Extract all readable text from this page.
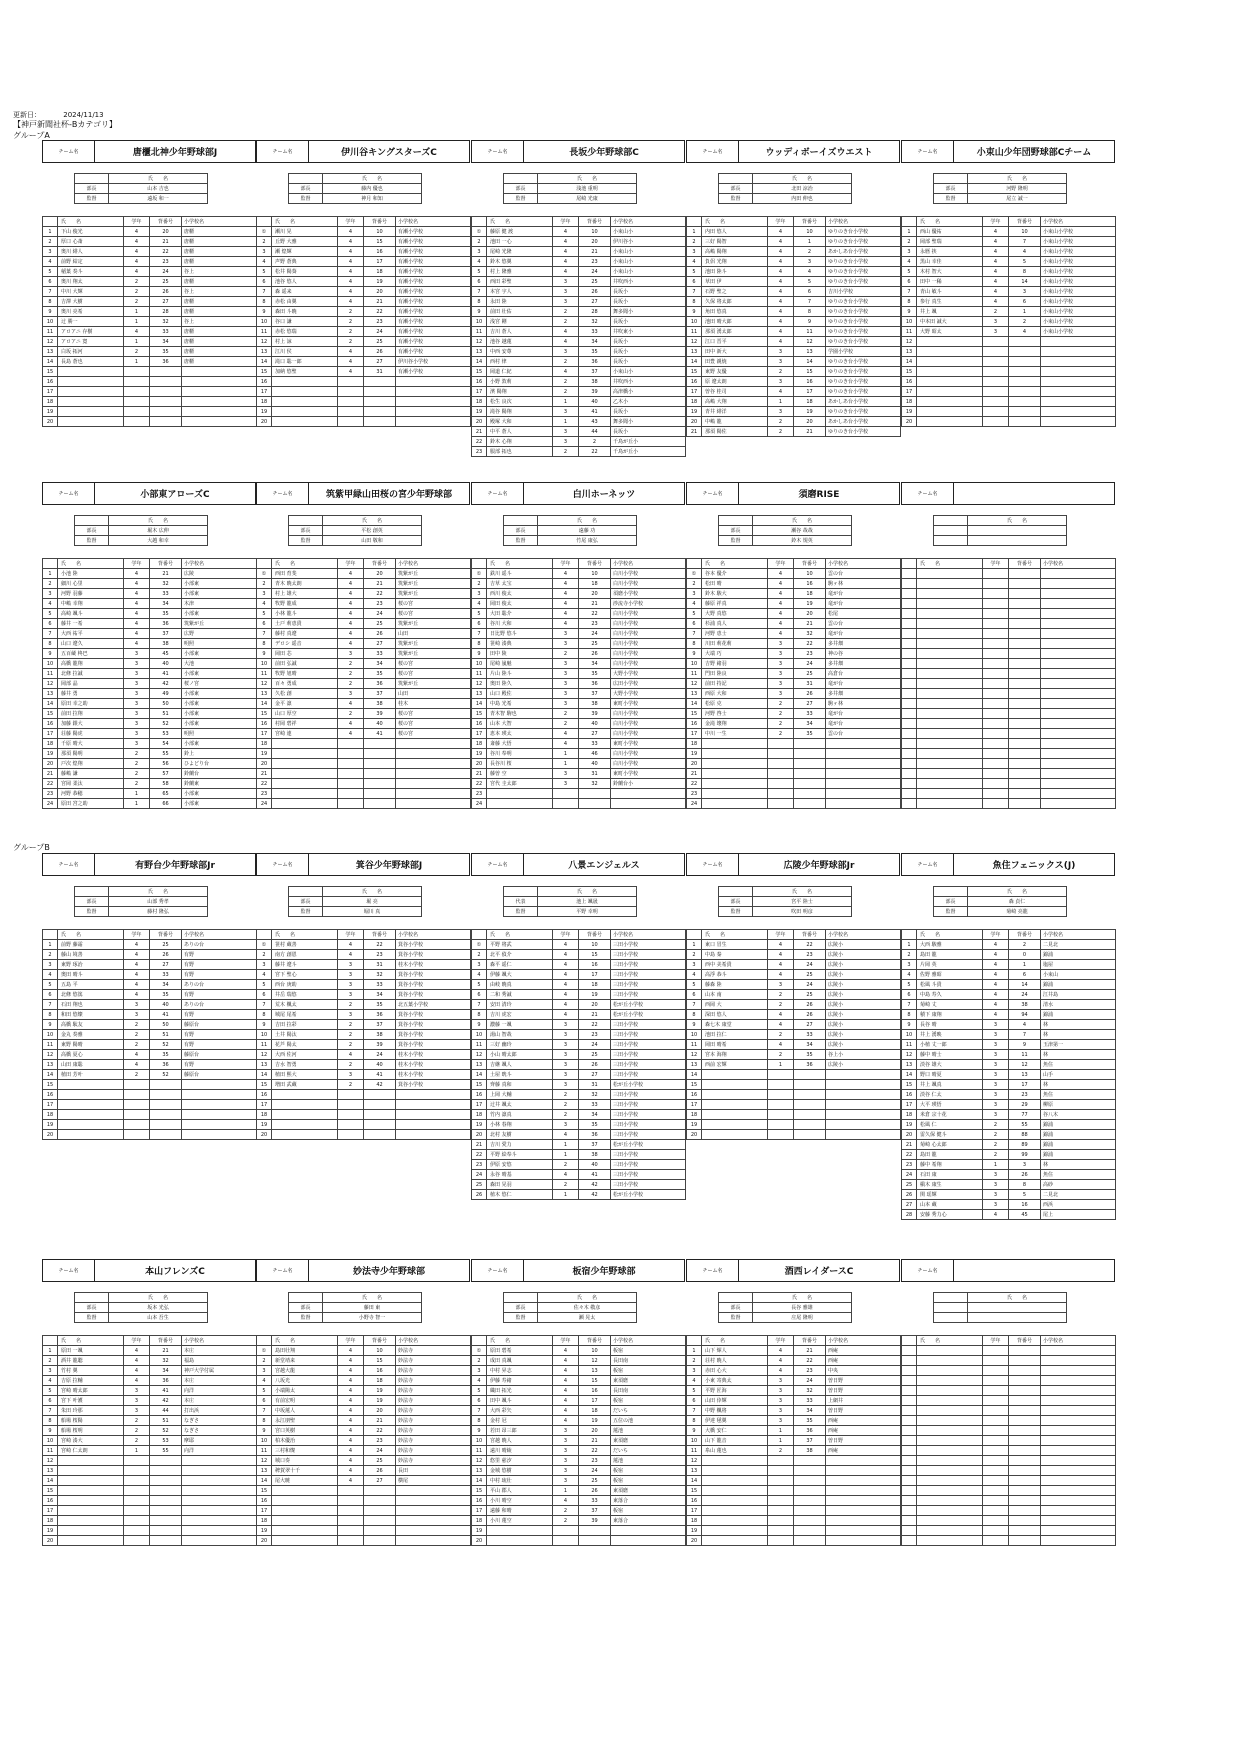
更新日：	2024/11/13
【神戸新聞社杯-Bカテゴリ】
グループA
チーム名	唐櫃北神少年野球部J
	氏　　名
部長	山本 吉也
監督	遠坂 和一
	氏　　名	学年	背番号	小学校名
1	下山 俊光	4	20	唐櫃
2	厚口 心斎	4	21	唐櫃
3	奥川 緋人	4	22	唐櫃
4	前野 結定	4	23	唐櫃
5	稲葉 奏斗	4	24	谷上
6	奥川 翔太	2	25	唐櫃
7	中川 大輝	2	26	谷上
8	吉澤 大樹	2	27	唐櫃
9	奥川 亮希	1	28	唐櫃
10	辻 勝一	1	32	谷上
11	アロアニ 存樹	4	33	唐櫃
12	アロアニ 寛	1	34	唐櫃
13	白坂 拓河	2	35	唐櫃
14	長島 蒼也	1	36	唐櫃
15				
16				
17				
18				
19				
20				
チーム名	伊川谷キングスターズC
	氏　　名
部長	藤内 優也
監督	神月 和知
	氏　　名	学年	背番号	小学校名
①	瀬川 晃	4	10	有瀬小学校
2	丘野 大雅	4	15	有瀬小学校
3	瀬 煌輝	4	16	有瀬小学校
4	声野 蒼典	4	17	有瀬小学校
5	松井 陽葵	4	18	有瀬小学校
6	池谷 悠人	4	19	有瀬小学校
7	森 遥来	4	20	有瀬小学校
8	赤松 由翼	4	21	有瀬小学校
9	森田 斗暁	2	22	有瀬小学校
10	谷口 謙	2	23	有瀬小学校
11	赤松 悠瑞	2	24	有瀬小学校
12	村上 諒	2	25	有瀬小学校
13	江川 侯	4	26	有瀬小学校
14	滝口 聡一郎	4	27	伊川谷小学校
15	加納 悠聖	4	31	有瀬小学校
16				
17				
18				
19				
20				
チーム名	長坂少年野球部C
	氏　　名
部長	浅池 重明
監督	尾崎 光康
	氏　　名	学年	背番号	小学校名
①	藤原 健 渡	4	10	小束山小
2	池田 一心	4	20	伊川谷小
3	尾崎 光隆	4	21	小束山小
4	鈴木 悠翼	4	23	小束山小
5	村上 隆雅	4	24	小束山小
6	西田 彩聖	3	25	井吹西小
7	本宮 宇人	3	26	長坂小
8	永田 陸	3	27	長坂小
9	前田 壮佑	2	28	舞多聞小
10	浅宮 剛	2	32	長坂小
11	吉川 蒼人	4	33	井吹東小
12	池谷 越蓮	4	34	長坂小
13	中西 安尊	3	35	長坂小
14	西村 律	2	36	長坂小
15	岡道 仁紀	4	37	小束山小
16	小野 敦莉	2	38	井吹西小
17	濱 陽翔	2	39	高津橋小
18	松生 良次	1	40	乙木小
19	滝谷 陽翔	3	41	長坂小
20	殿塚 大和	1	43	舞多聞小
21	中平 蒼人	3	44	長坂小
22	鈴木 心翔	3	2	千鳥が丘小
23	服部 拓也	2	22	千鳥が丘小
チーム名	ウッディボーイズウエスト
	氏　　名
部長	北田 涼治
監督	内田 伸也
	氏　　名	学年	背番号	小学校名
1	内田 悠人	4	10	ゆりのき台小学校
2	三好 陽智	4	1	ゆりのき台小学校
3	高嶋 陽翔	4	2	あかしあ台小学校
4	負侶 光翔	4	3	ゆりのき台小学校
5	池田 陸斗	4	4	ゆりのき台小学校
6	草田 伊	4	5	ゆりのき台小学校
7	石野 聖之	4	6	吉川小学校
8	久保 将太郎	4	7	ゆりのき台小学校
9	角田 悠真	4	8	ゆりのき台小学校
10	池田 晴大郎	4	9	ゆりのき台小学校
11	那須 湧太郎	4	11	ゆりのき台小学校
12	江口 晋平	4	12	ゆりのき台小学校
13	田中 新大	3	13	学園小学校
14	田豊 親焼	3	14	ゆりのき台小学校
15	東野 友優	2	15	ゆりのき台小学校
16	原 遼太朗	3	16	ゆりのき台小学校
17	曽谷 桂司	4	17	ゆりのき台小学校
18	高嶋 大翔	1	18	あかしあ台小学校
19	青井 緋洋	3	19	ゆりのき台小学校
20	中嶋 龍	2	20	あかしあ台小学校
21	那須 陽佐	2	21	ゆりのき台小学校
チーム名	小束山少年団野球部Cチーム
	氏　　名
部長	河野 隆明
監督	尾立 誠一
	氏　　名	学年	背番号	小学校名
1	西山 優祐	4	10	小束山小学校
2	岡部 聖瑞	4	7	小束山小学校
3	永暦 挟	4	4	小束山小学校
4	黒山 幸佳	4	5	小束山小学校
5	木村 智大	4	8	小束山小学校
6	田中 一稀	4	14	小束山小学校
7	青山 敏斗	4	3	小束山小学校
8	参行 真生	4	6	小束山小学校
9	井上 颯	2	1	小束山小学校
10	中本田 誠大	3	2	小束山小学校
11	大野 昭太	3	4	小束山小学校
12				
13				
14				
15				
16				
17				
18				
19				
20				
チーム名	小部東アローズC
	氏　　名
部長	堀木 広伸
監督	大越 和幸
	氏　　名	学年	背番号	小学校名
1	小池 陸	4	21	広陵
2	細川 心里	4	32	小部東
3	河野 羽藤	4	33	小部東
4	中嶋 幸翔	4	34	木津
5	高崎 颯斗	4	35	小部東
6	藤井 一希	4	36	筑紫が丘
7	大西 祐平	4	37	広野
8	山口 遼久	4	38	明照
9	五百蔵 柊巴	3	45	小部東
10	高橋 龍翔	3	40	大池
11	北條 拉誠	3	41	小部東
12	岡部 晶	3	42	桜ノ宮
13	藤井 勇	3	49	小部東
14	原田 幸之助	3	50	小部東
15	前田 拉翔	3	51	小部東
16	加藤 銀大	3	52	小部東
17	荘藤 陽虎	3	53	明照
18	千原 晴大	3	54	小部東
19	那須 陽明	2	55	鈴上
20	戸次 煌翔	2	56	ひよどり台
21	藤嶋 謙	2	57	鈴蘭台
22	宮岡 柔汰	2	58	鈴蘭東
23	河野 恭穂	1	65	小部東
24	原田 宮之助	1	66	小部東
チーム名	筑紫甲緑山田桜の宮少年野球部
	氏　　名
部長	平松 創英
監督	山田 敬和
	氏　　名	学年	背番号	小学校名
①	西田 育斐	4	20	筑紫が丘
2	青木 暁太朗	4	21	筑紫が丘
3	村上 雄大	4	22	筑紫が丘
4	牧野 龍成	4	23	桜の宮
5	小林 龍斗	4	24	桜の宮
6	土戸 莉恵貴	4	25	筑紫が丘
7	藤村 真遼	4	26	山田
8	デロシ 遥音	4	27	筑紫が丘
9	岡田 芯	3	33	筑紫が丘
10	前田 弘誠	2	34	桜の宮
11	牧野 旭晴	2	35	桜の宮
12	百々 勇成	2	36	筑紫が丘
13	久松 創	3	37	山田
14	金平 凛	4	38	桂木
15	山口 厚空	2	39	桜の宮
16	村岡 碧祥	4	40	桜の宮
17	宮崎 連	4	41	桜の宮
18				
19				
20				
21				
22				
23				
24				
チーム名	白川ホーネッツ
	氏　　名
部長	遠藤 功
監督	竹尾 康弘
	氏　　名	学年	背番号	小学校名
①	鉄川 遥斗	4	10	白川小学校
2	吉草 太宝	4	18	白川小学校
3	西川 俊太	4	20	須磨小学校
4	岡田 俊太	4	21	渉流寺小学校
5	大田 聡介	4	22	白川小学校
6	谷川 大和	4	23	白川小学校
7	日比野 悠斗	3	24	白川小学校
8	笹崎 湊典	3	25	白川小学校
9	田中 陵	2	26	白川小学校
10	尾崎 嵐魁	3	34	白川小学校
11	片山 陸斗	3	35	大野小学校
12	奥田 陸久	3	36	広田小学校
13	山口 殿佐	3	37	大野小学校
14	中島 光希	3	38	東町小学校
15	青木智 駒也	2	39	白川小学校
16	山本 大智	2	40	白川小学校
17	恵本 瑛太	4	27	白川小学校
18	斎藤 大悟	4	33	東町小学校
19	谷川 奉明	1	46	白川小学校
20	長谷川 桜	1	40	白川小学校
21	藤曽 空	3	31	東町小学校
22	宮代 圭太郎	3	32	鈴蘭台小
23				
24				
チーム名	須磨RISE
	氏　　名
部長	瀬谷 哉哉
監督	鈴木 規英
	氏　　名	学年	背番号	小学校名
①	谷本 優介	4	10	雲の台
2	松田 晴	4	16	駒ヶ林
3	鈴木 駿大	4	18	竜が台
4	藤原 祥真	4	19	竜が台
5	大野 真悠	4	20	松尾
6	杉浦 真人	4	21	雲の台
7	河野 恵士	4	32	竜が台
8	川田 莉花莉	3	22	多井畑
9	大端 巧	3	23	神の谷
10	吉野 緒羽	3	24	多井畑
11	門田 陸良	3	25	高倉台
12	前田 持記	3	31	竜が台
13	西原 大和	3	26	多井畑
14	松原 克	2	27	駒ヶ林
15	河野 啓士	2	33	竜が台
16	金滝 壊翔	2	34	竜が台
17	中川 一生	2	35	雲の台
18				
19				
20				
21				
22				
23				
24				
チーム名
	氏　　名

	氏　　名	学年	背番号	小学校名

グループB
チーム名	有野台少年野球部Jr
	氏　　名
部長	山部 秀孝
監督	藤村 隆弘
	氏　　名	学年	背番号	小学校名
1	前野 藤霜	4	25	ありの台
2	藤山 境善	4	26	有野
3	東野 琢治	4	27	有野
4	奥田 晴斗	4	33	有野
5	五島 平	4	34	ありの台
6	北條 悠篤	4	35	有野
7	石田 翔也	3	40	ありの台
8	和田 悠燦	3	41	有野
9	高橋 駄友	2	50	藤原台
10	金丸 奏雅	2	51	有野
11	東野 陽晴	2	52	有野
12	高橋 夏心	4	35	藤原台
13	山田 康聡	4	36	有野
14	植田 芳叶	2	52	藤原台
15				
16				
17				
18				
19				
20				
チーム名	箕谷少年野球部J
	氏　　名
部長	堀 亮
監督	堀川 真
	氏　　名	学年	背番号	小学校名
①	笹村 蔵善	4	22	箕谷小学校
2	南方 創恩	4	23	箕谷小学校
3	藤井 遼斗	3	31	桂木小学校
4	宮下 聖心	3	32	箕谷小学校
5	西台 庚助	3	33	箕谷小学校
6	井岳 瑞悠	3	34	箕谷小学校
7	荒木 楓太	2	35	北五葉小学校
8	城尾 尾希	3	36	箕谷小学校
9	吉田 拉彩	2	37	箕谷小学校
10	土井 陽汰	2	38	箕谷小学校
11	花芦 陽太	2	39	箕谷小学校
12	大西 佐河	4	24	桂木小学校
13	吉水 智勇	2	40	桂木小学校
14	植田 煕大	3	41	桂木小学校
15	増田 武蔵	2	42	箕谷小学校
16				
17				
18				
19				
20				
チーム名	八景エンジェルス
	氏　　名
代表	池上 颯晟
監督	平野 幸明
	氏　　名	学年	背番号	小学校名
①	平野 将武	4	10	三田小学校
2	北平 偵介	4	15	三田小学校
3	森平 遥仁	4	16	三田小学校
4	伊藤 颯大	4	17	三田小学校
5	由岐 暁真	4	18	三田小学校
6	二和 秀誠	4	19	三田小学校
7	安田 清玲	4	20	松が丘小学校
8	吉川 虎宏	4	21	松が丘小学校
9	濃藤 一颯	3	22	三田小学校
10	湯山 智哉	3	23	三田小学校
11	三好 幽玲	3	24	三田小学校
12	小山 晴太郎	3	25	三田小学校
13	吉継 颯人	3	26	三田小学校
14	土屋 晄斗	3	27	三田小学校
15	齊藤 真和	3	31	松が丘小学校
16	上岡 大輔	2	32	三田小学校
17	辻井 颯太	2	33	三田小学校
18	竹内 凛真	2	34	三田小学校
19	小林 春翔	3	35	三田小学校
20	北村 友樹	4	36	三田小学校
21	吉川 愛力	1	37	松が丘小学校
22	平野 絵奉斗	1	38	三田小学校
23	伊原 安悠	2	40	三田小学校
24	永谷 晴基	4	41	三田小学校
25	森田 晃羽	2	42	三田小学校
26	植木 悠仁	1	42	松が丘小学校
チーム名	広陵少年野球部Jr
	氏　　名
部長	宮平 陸士
監督	吹田 明彦
	氏　　名	学年	背番号	小学校名
1	東口 冒生	4	22	広陵小
2	中島 秦	4	23	広陵小
3	西中 美希貴	4	24	広陵小
4	高浮 恭斗	4	25	広陵小
5	藤森 陸	3	24	広陵小
6	山本 南	2	25	広陵小
7	西岡 大	2	26	広陵小
8	深田 悠人	4	26	広陵小
9	森七木 康堂	4	27	広陵小
10	池田 拉仁	2	33	広陵小
11	岡田 晴希	4	34	広陵小
12	宮本 海翔	2	35	谷上小
13	西前 宏輝	1	36	広陵小
14				
15				
16				
17				
18				
19				
20				
チーム名	魚住フェニックス(J)
	氏　　名
部長	森 貞仁
監督	菊崎 亮龍
	氏　　名	学年	背番号	小学校名
1	大西 駿雅	4	2	二見北
2	島田 龍	4	0	錦浦
3	片岡 英	4	1	塩屋
4	佐野 雅昭	4	6	小束山
5	松風 斗貴	4	14	錦浦
6	中島 寿久	4	24	江井島
7	菊崎 丈	4	38	清水
8	積下 康翔	4	94	錦浦
9	長谷 晴	3	4	林
10	井上 湧映	3	7	林
11	小植 丈一郎	3	9	玉津第一
12	藤中 晴士	3	11	林
13	淡谷 雄大	3	12	魚住
14	野口 晴夏	3	13	山手
15	井上 颯真	3	17	林
16	淡谷 仁太	3	23	魚住
17	大平 瑛悟	3	29	柳原
18	米倉 宗十花	3	77	谷八木
19	松風 仁	2	55	錦浦
20	雷久保 健斗	2	88	錦浦
21	菊崎 心太郎	2	89	錦浦
22	島田 龍	2	99	錦浦
23	藤中 希翔	1	3	林
24	石田 康	3	26	魚住
25	槇木 康生	3	8	高砂
26	関 瑶輝	3	5	二見北
27	山本 蔵	3	16	西浜
28	安藤 秀力心	4	45	尾上
チーム名	本山フレンズC
	氏　　名
部長	坂本 光弘
監督	山本 吾生
	氏　　名	学年	背番号	小学校名
1	原田 一颯	4	21	本庄
2	酒井 龍聴	4	32	福島
3	竹村 翼	4	34	神戸大学付属
4	吉原 拉輔	4	36	本庄
5	宮崎 晴太郎	3	41	向洋
6	宮下 叶護	3	42	本庄
7	朱田 玲那	3	44	打出浜
8	船場 桜陽	2	51	なぎさ
9	船場 桜明	2	52	なぎさ
10	宮崎 湊大	2	53	摩耶
11	宮崎 仁太朗	1	55	向洋
12				
13				
14				
15				
16				
17				
18				
19				
20				
チーム名	妙法寺少年野球部
	氏　　名
部長	藤田 東
監督	小野寺 智一
	氏　　名	学年	背番号	小学校名
①	島田壮翔	4	10	妙法寺
2	新堂靖来	4	15	妙法寺
3	宮越大龍	4	16	妙法寺
4	八坂光	4	18	妙法寺
5	小端陽太	4	19	妙法寺
6	有前宏明	4	19	妙法寺
7	中坂蓮人	4	20	妙法寺
8	永江朋聖	4	21	妙法寺
9	宮口英樹	4	22	妙法寺
10	柏木優治	4	23	妙法寺
11	三村和燦	4	24	妙法寺
12	城口奏	4	25	妙法寺
13	稗賀翠十千	4	26	長田
14	尾大暁	4	27	横尾
15				
16				
17				
18				
19				
20				
チーム名	板宿少年野球部
	氏　　名
部長	佐々木 敬彦
監督	瀬 晃太
	氏　　名	学年	背番号	小学校名
①	原田 碧希	4	10	板宿
2	成田 真颯	4	12	長田南
3	中村 昇志	4	13	板宿
4	伊藤 寿緒	4	15	東須磨
5	織田 拓光	4	16	長田南
6	田中 颯斗	4	17	板宿
7	大西 彩矢	4	18	だいち
8	金村 冠	4	19	五位の池
9	若田 昂三郎	3	20	蓮池
10	宮越 暁人	3	21	東須磨
11	遠川 晴綾	3	22	だいち
12	悠里 慈汐	3	23	蓮池
13	金城 悠樹	3	24	板宿
14	中村 琉壮	3	25	板宿
15	平山 郡人	1	26	東須磨
16	小川 晴空	4	33	東落合
17	遠藤 和晴	2	37	板宿
18	小川 蓮空	2	39	東落合
19				
20				
チーム名	酒西レイダースC
	氏　　名
部長	長谷 雅雄
監督	庄尾 隆明
	氏　　名	学年	背番号	小学校名
1	山下 煇人	4	21	西庵
2	荘村 暁人	4	22	西庵
3	赤田 心大	4	23	中央
4	小東 寄典太	3	24	曽日野
5	平野 匠海	3	32	曽日野
6	山田 倖輝	3	33	上網井
7	中野 楓将	3	34	曽日野
8	伊達 毬翼	3	35	西庵
9	大橋 安仁	1	36	西庵
10	山下 龍音	1	37	曽日野
11	糸山 蓮也	2	38	西庵
12				
13				
14				
15				
16				
17				
18				
19				
20				
チーム名
	氏　　名

	氏　　名	学年	背番号	小学校名
